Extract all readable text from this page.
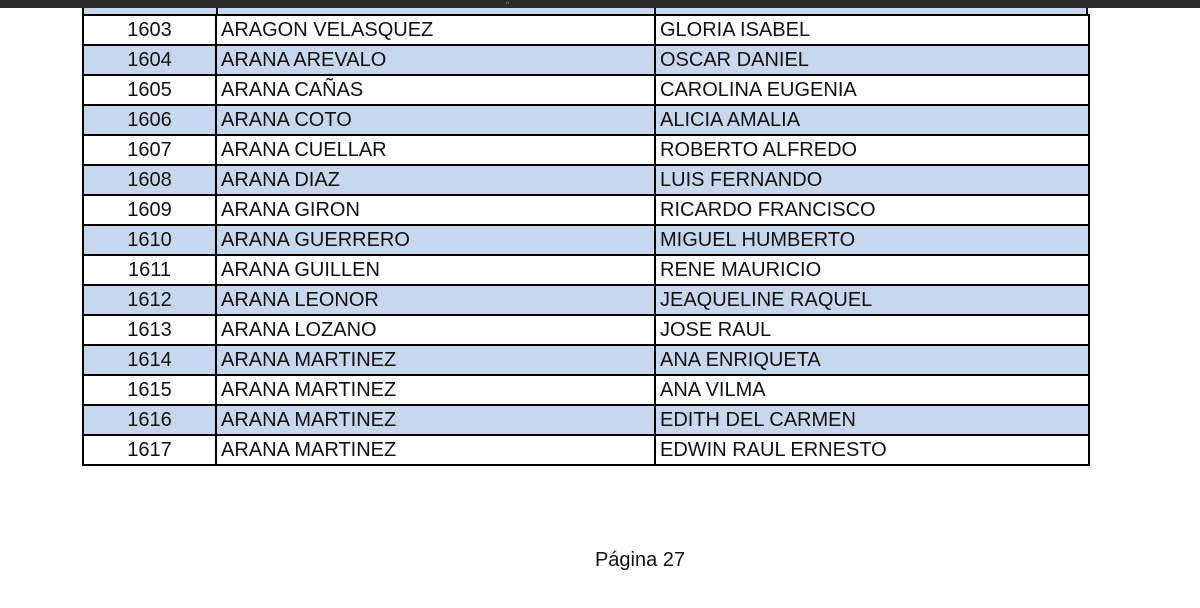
,,
1603	ARAGON VELASQUEZ	GLORIA ISABEL
1604	ARANA AREVALO	OSCAR DANIEL
1605	ARANA CAÑAS	CAROLINA EUGENIA
1606	ARANA COTO	ALICIA AMALIA
1607	ARANA CUELLAR	ROBERTO ALFREDO
1608	ARANA DIAZ	LUIS FERNANDO
1609	ARANA GIRON	RICARDO FRANCISCO
1610	ARANA GUERRERO	MIGUEL HUMBERTO
1611	ARANA GUILLEN	RENE MAURICIO
1612	ARANA LEONOR	JEAQUELINE RAQUEL
1613	ARANA LOZANO	JOSE RAUL
1614	ARANA MARTINEZ	ANA ENRIQUETA
1615	ARANA MARTINEZ	ANA VILMA
1616	ARANA MARTINEZ	EDITH DEL CARMEN
1617	ARANA MARTINEZ	EDWIN RAUL ERNESTO
Página 27
